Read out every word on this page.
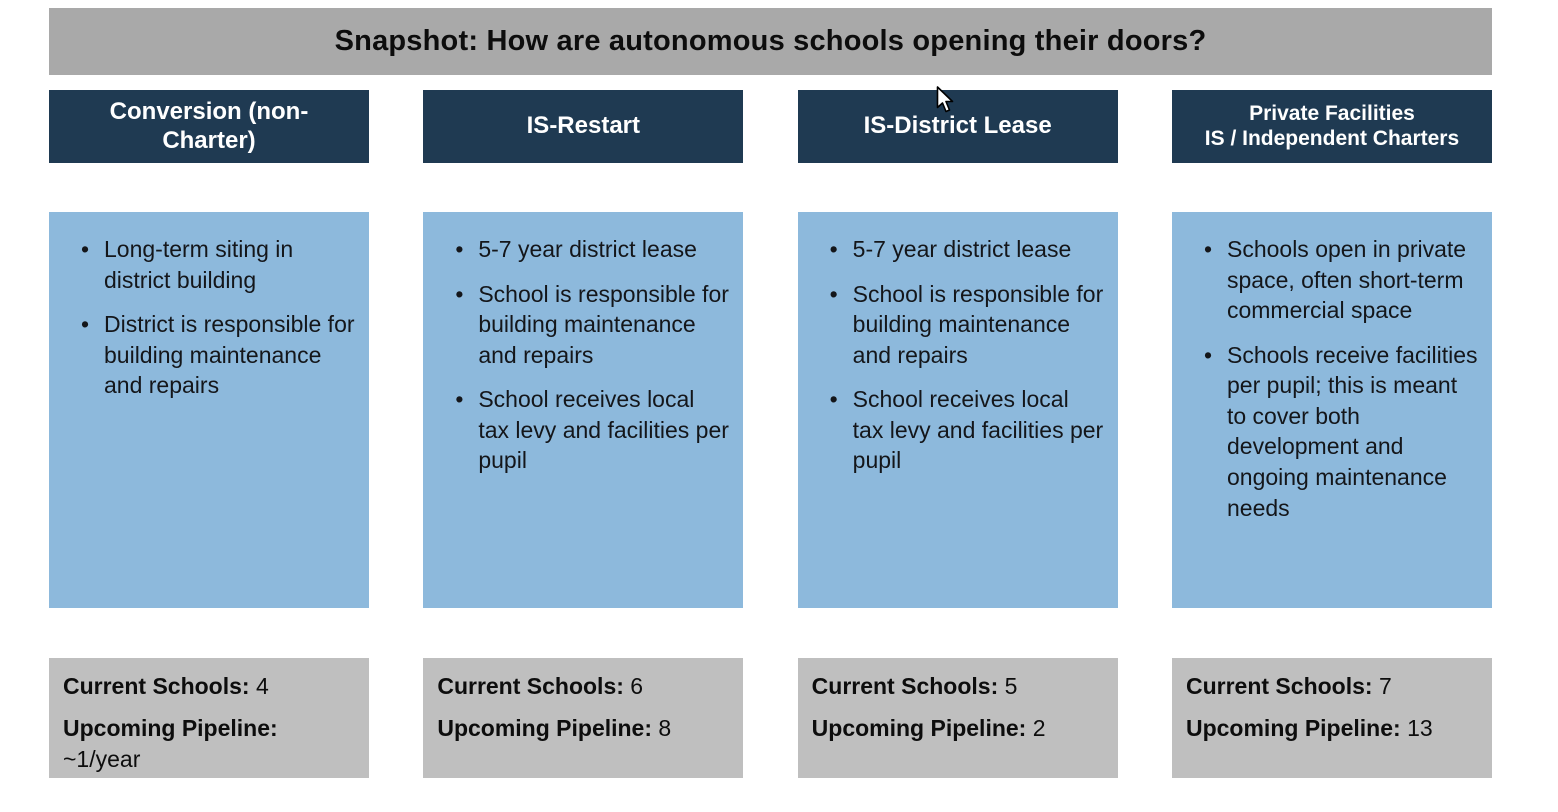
Snapshot: How are autonomous schools opening their doors?
Conversion (non-
Charter)
• Long-term siting in district building
• District is responsible for building maintenance and repairs

Current Schools: 4

Upcoming Pipeline: ~1/year

IS-Restart
• 5-7 year district lease
• School is responsible for building maintenance and repairs
• School receives local tax levy and facilities per pupil

Current Schools: 6

Upcoming Pipeline: 8

IS-District Lease
• 5-7 year district lease
• School is responsible for building maintenance and repairs
• School receives local tax levy and facilities per pupil

Current Schools: 5

Upcoming Pipeline: 2

Private Facilities
IS / Independent Charters
• Schools open in private space, often short-term commercial space
• Schools receive facilities per pupil; this is meant to cover both development and ongoing maintenance needs

Current Schools: 7

Upcoming Pipeline: 13
